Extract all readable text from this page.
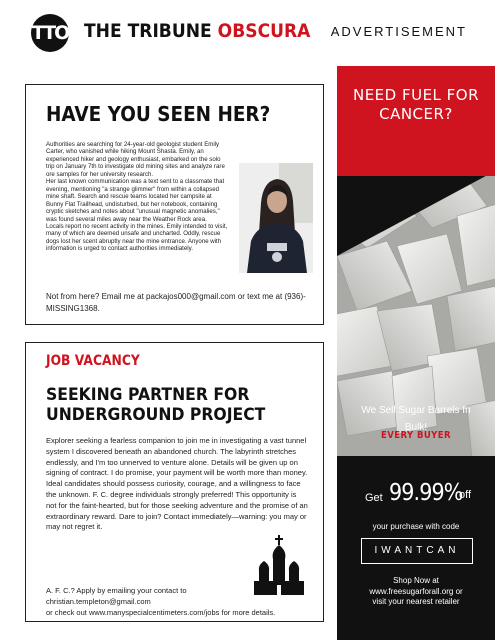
TTO THE TRIBUNE OBSCURA ADVERTISEMENT
HAVE YOU SEEN HER?

Authorities are searching for 24-year-old geologist student Emily Carter, who vanished while hiking Mount Shasta. Emily, an experienced hiker and geology enthusiast, embarked on the solo trip on January 7th to investigate old mining sites and analyze rare ore samples for her university research.

Her last known communication was a text sent to a classmate that evening, mentioning "a strange glimmer" from within a collapsed mine shaft. Search and rescue teams located her campsite at Bunny Flat Trailhead, undisturbed, but her notebook, containing cryptic sketches and notes about "unusual magnetic anomalies," was found several miles away near the Weather Rock area.

Locals report no recent activity in the mines. Emily intended to visit, many of which are deemed unsafe and uncharted. Oddly, rescue dogs lost her scent abruptly near the mine entrance. Anyone with information is urged to contact authorities immediately.

Not from here? Email me at packajos000@gmail.com or text me at (936)-MISSING1368.
JOB VACANCY
SEEKING PARTNER FOR
UNDERGROUND PROJECT
Explorer seeking a fearless companion to join me in investigating a vast tunnel system I discovered beneath an abandoned church. The labyrinth stretches endlessly, and I'm too unnerved to venture alone. Details will be given up on signing of contract. I do promise, your payment will be worth more than money. Ideal candidates should possess curiosity, courage, and a willingness to face the unknown. F. C. degree individuals strongly preferred! This opportunity is not for the faint-hearted, but for those seeking adventure and the promise of an extraordinary reward. Dare to join? Contact immediately—warning: you may or may not regret it.
A. F. C.? Apply by emailing your contact to
christian.templeton@gmail.com
or check out www.manyspecialcentimeters.com/jobs for more details.
NEED FUEL FOR
CANCER?
We Sell Sugar Barrels In
Bulk!
EVERY BUYER
Get 99.99%
off
your purchase with code
IWANTCAN
Shop Now at
www.freesugarforall.org or
visit your nearest retailer
